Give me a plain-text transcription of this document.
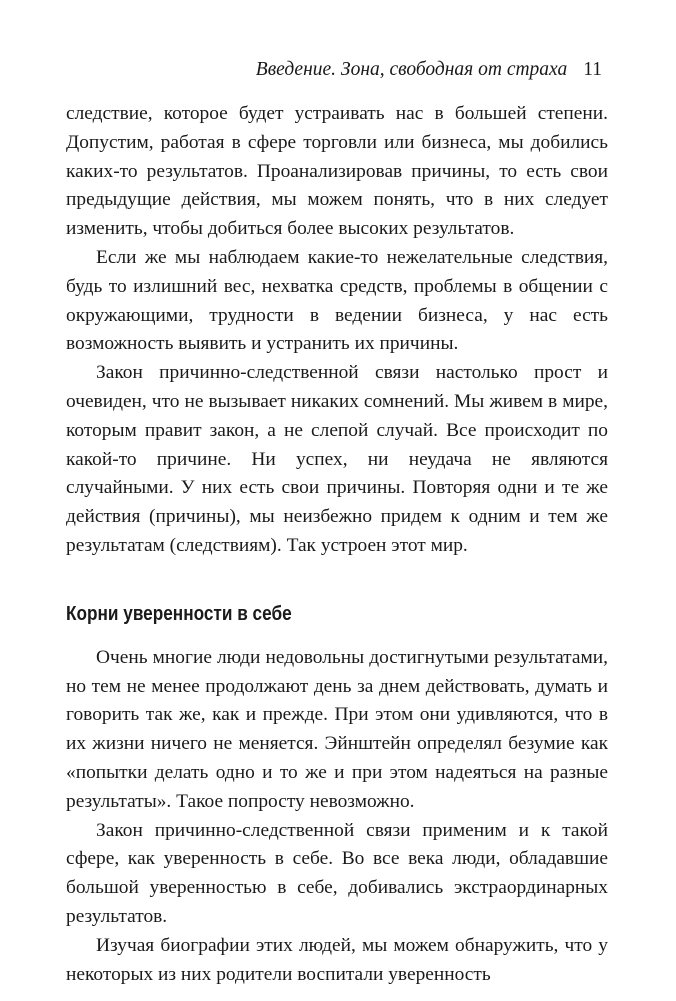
Введение. Зона, свободная от страха 11

следствие, которое будет устраивать нас в большей степени. Допустим, работая в сфере торговли или бизнеса, мы добились каких-то результатов. Проанализировав причины, то есть свои предыдущие действия, мы можем понять, что в них следует изменить, чтобы добиться более высоких результатов.

Если же мы наблюдаем какие-то нежелательные следствия, будь то излишний вес, нехватка средств, проблемы в общении с окружающими, трудности в ведении бизнеса, у нас есть возможность выявить и устранить их причины.

Закон причинно-следственной связи настолько прост и очевиден, что не вызывает никаких сомнений. Мы живем в мире, которым правит закон, а не слепой случай. Все происходит по какой-то причине. Ни успех, ни неудача не являются случайными. У них есть свои причины. Повторяя одни и те же действия (причины), мы неизбежно придем к одним и тем же результатам (следствиям). Так устроен этот мир.

Корни уверенности в себе

Очень многие люди недовольны достигнутыми результатами, но тем не менее продолжают день за днем действовать, думать и говорить так же, как и прежде. При этом они удивляются, что в их жизни ничего не меняется. Эйнштейн определял безумие как «попытки делать одно и то же и при этом надеяться на разные результаты». Такое попросту невозможно.

Закон причинно-следственной связи применим и к такой сфере, как уверенность в себе. Во все века люди, обладавшие большой уверенностью в себе, добивались экстраординарных результатов.

Изучая биографии этих людей, мы можем обнаружить, что у некоторых из них родители воспитали уверенность
